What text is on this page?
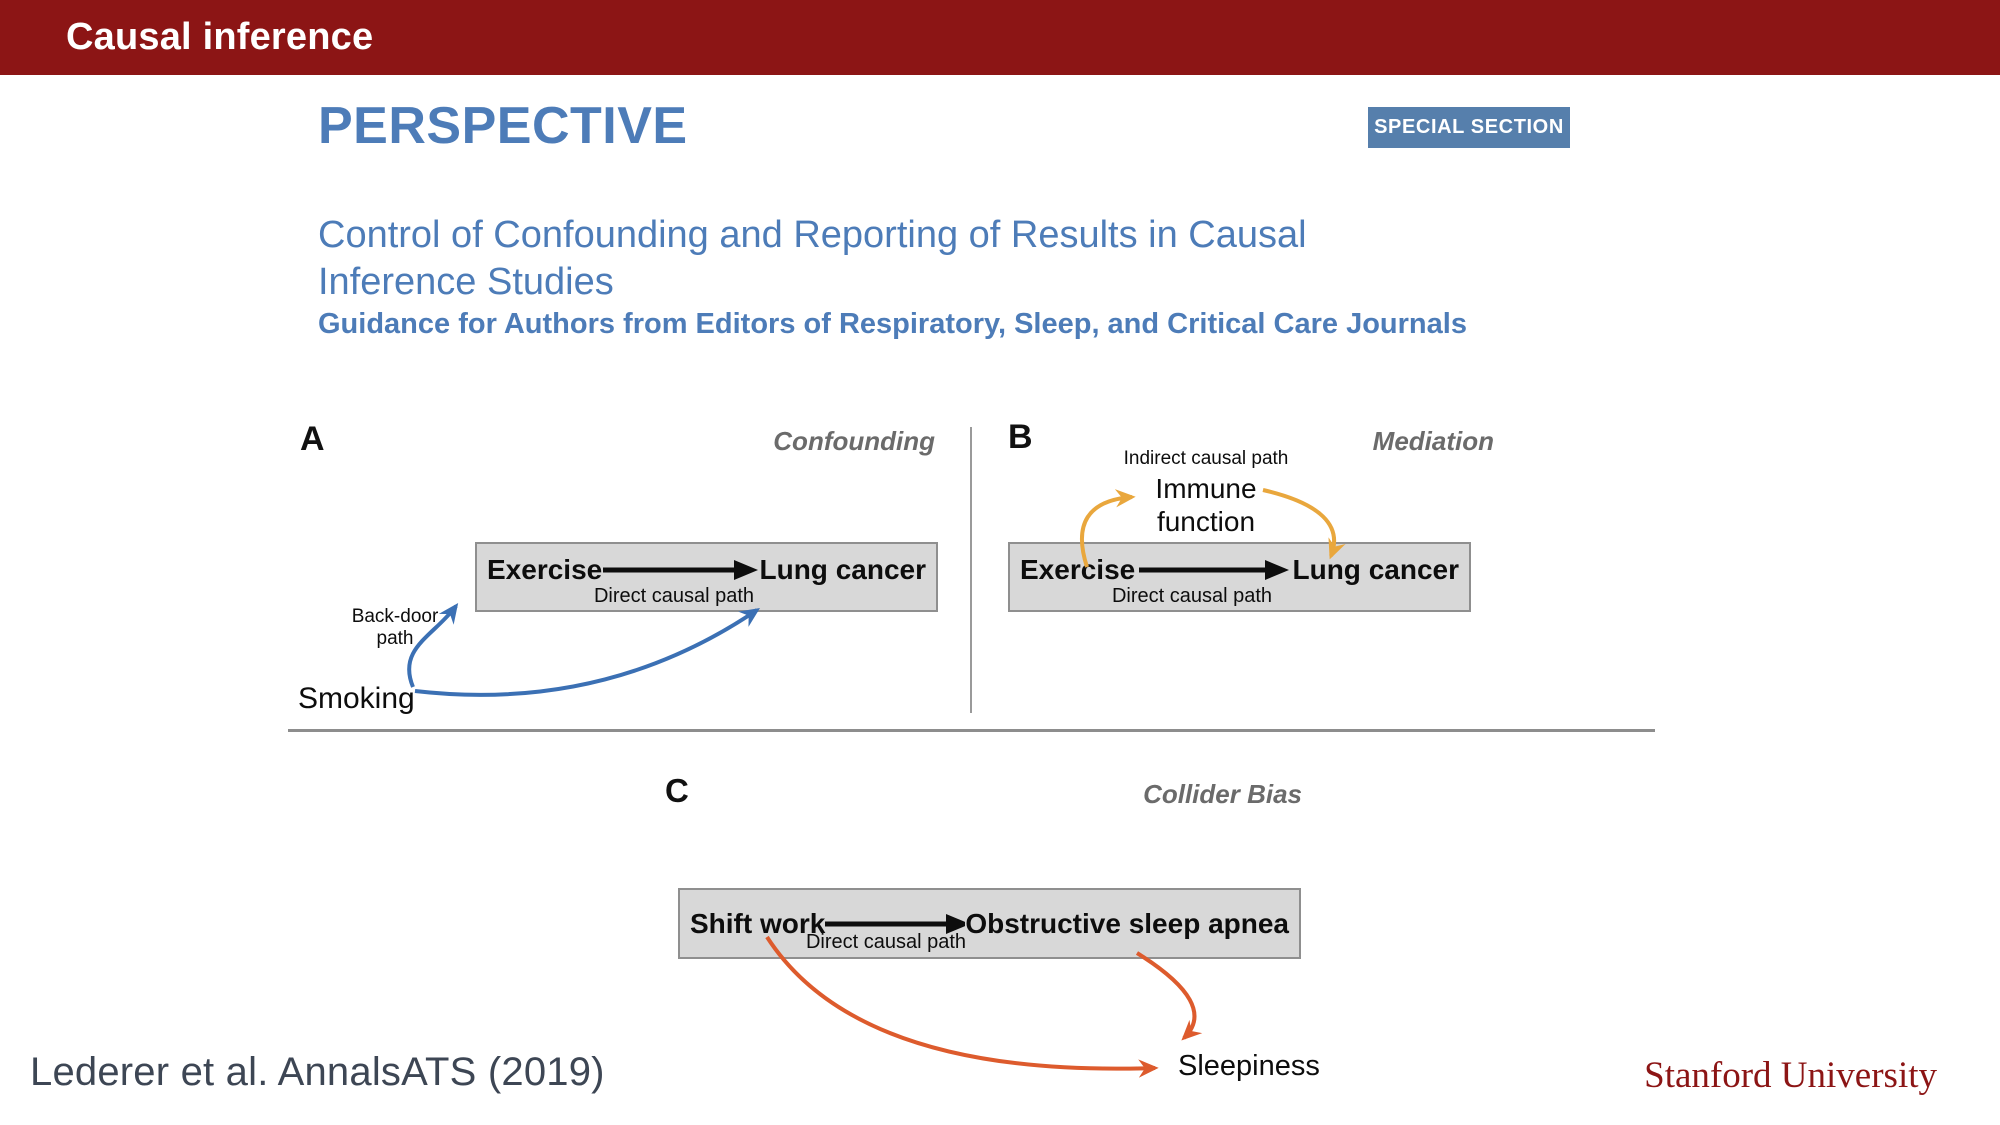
Causal inference
PERSPECTIVE	SPECIAL SECTION
Control of Confounding and Reporting of Results in Causal
Inference Studies
Guidance for Authors from Editors of Respiratory, Sleep, and Critical Care Journals
A	Confounding B	Mediation
C	Collider Bias
Exercise	Lung cancer
Direct causal path
Back-door
path
Smoking
Exercise	Lung cancer
Direct causal path
Indirect causal path
Immune
function
Shift work	Obstructive sleep apnea
Direct causal path
Sleepiness
Lederer et al. AnnalsATS (2019)	Stanford University
